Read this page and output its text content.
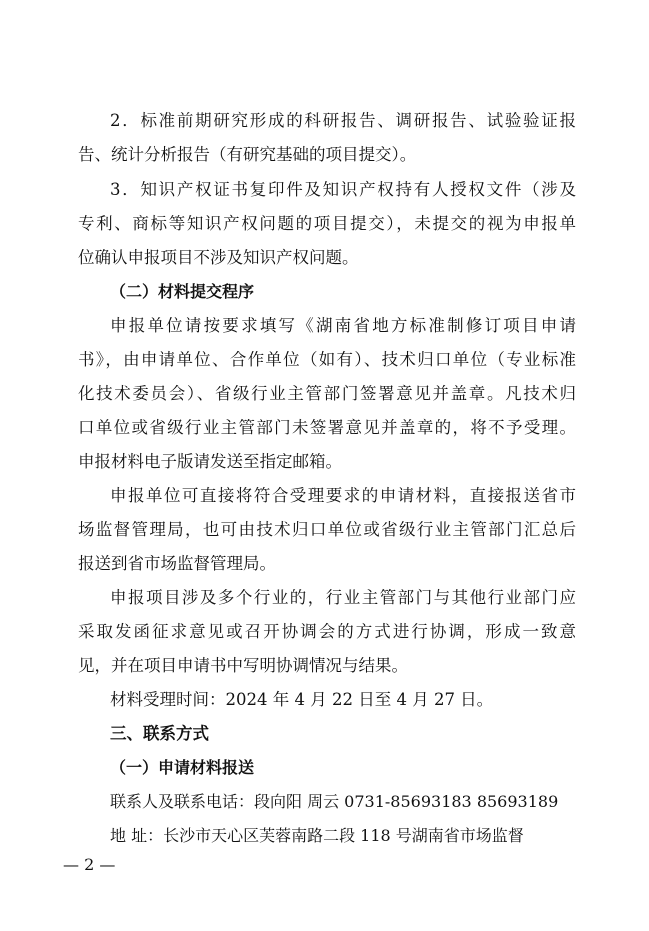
2．标准前期研究形成的科研报告、调研报告、试验验证报
告、统计分析报告（有研究基础的项目提交）。
3．知识产权证书复印件及知识产权持有人授权文件（涉及
专利、商标等知识产权问题的项目提交），未提交的视为申报单
位确认申报项目不涉及知识产权问题。
（二）材料提交程序
申报单位请按要求填写《湖南省地方标准制修订项目申请
书》，由申请单位、合作单位（如有）、技术归口单位（专业标准
化技术委员会）、省级行业主管部门签署意见并盖章。凡技术归
口单位或省级行业主管部门未签署意见并盖章的，将不予受理。
申报材料电子版请发送至指定邮箱。
申报单位可直接将符合受理要求的申请材料，直接报送省市
场监督管理局，也可由技术归口单位或省级行业主管部门汇总后
报送到省市场监督管理局。
申报项目涉及多个行业的，行业主管部门与其他行业部门应
采取发函征求意见或召开协调会的方式进行协调，形成一致意
见，并在项目申请书中写明协调情况与结果。
材料受理时间：2024 年 4 月 22 日至 4 月 27 日。
三、联系方式
（一）申请材料报送
联系人及联系电话：段向阳 周云 0731-85693183 85693189
地 址：长沙市天心区芙蓉南路二段 118 号湖南省市场监督
— 2 —
